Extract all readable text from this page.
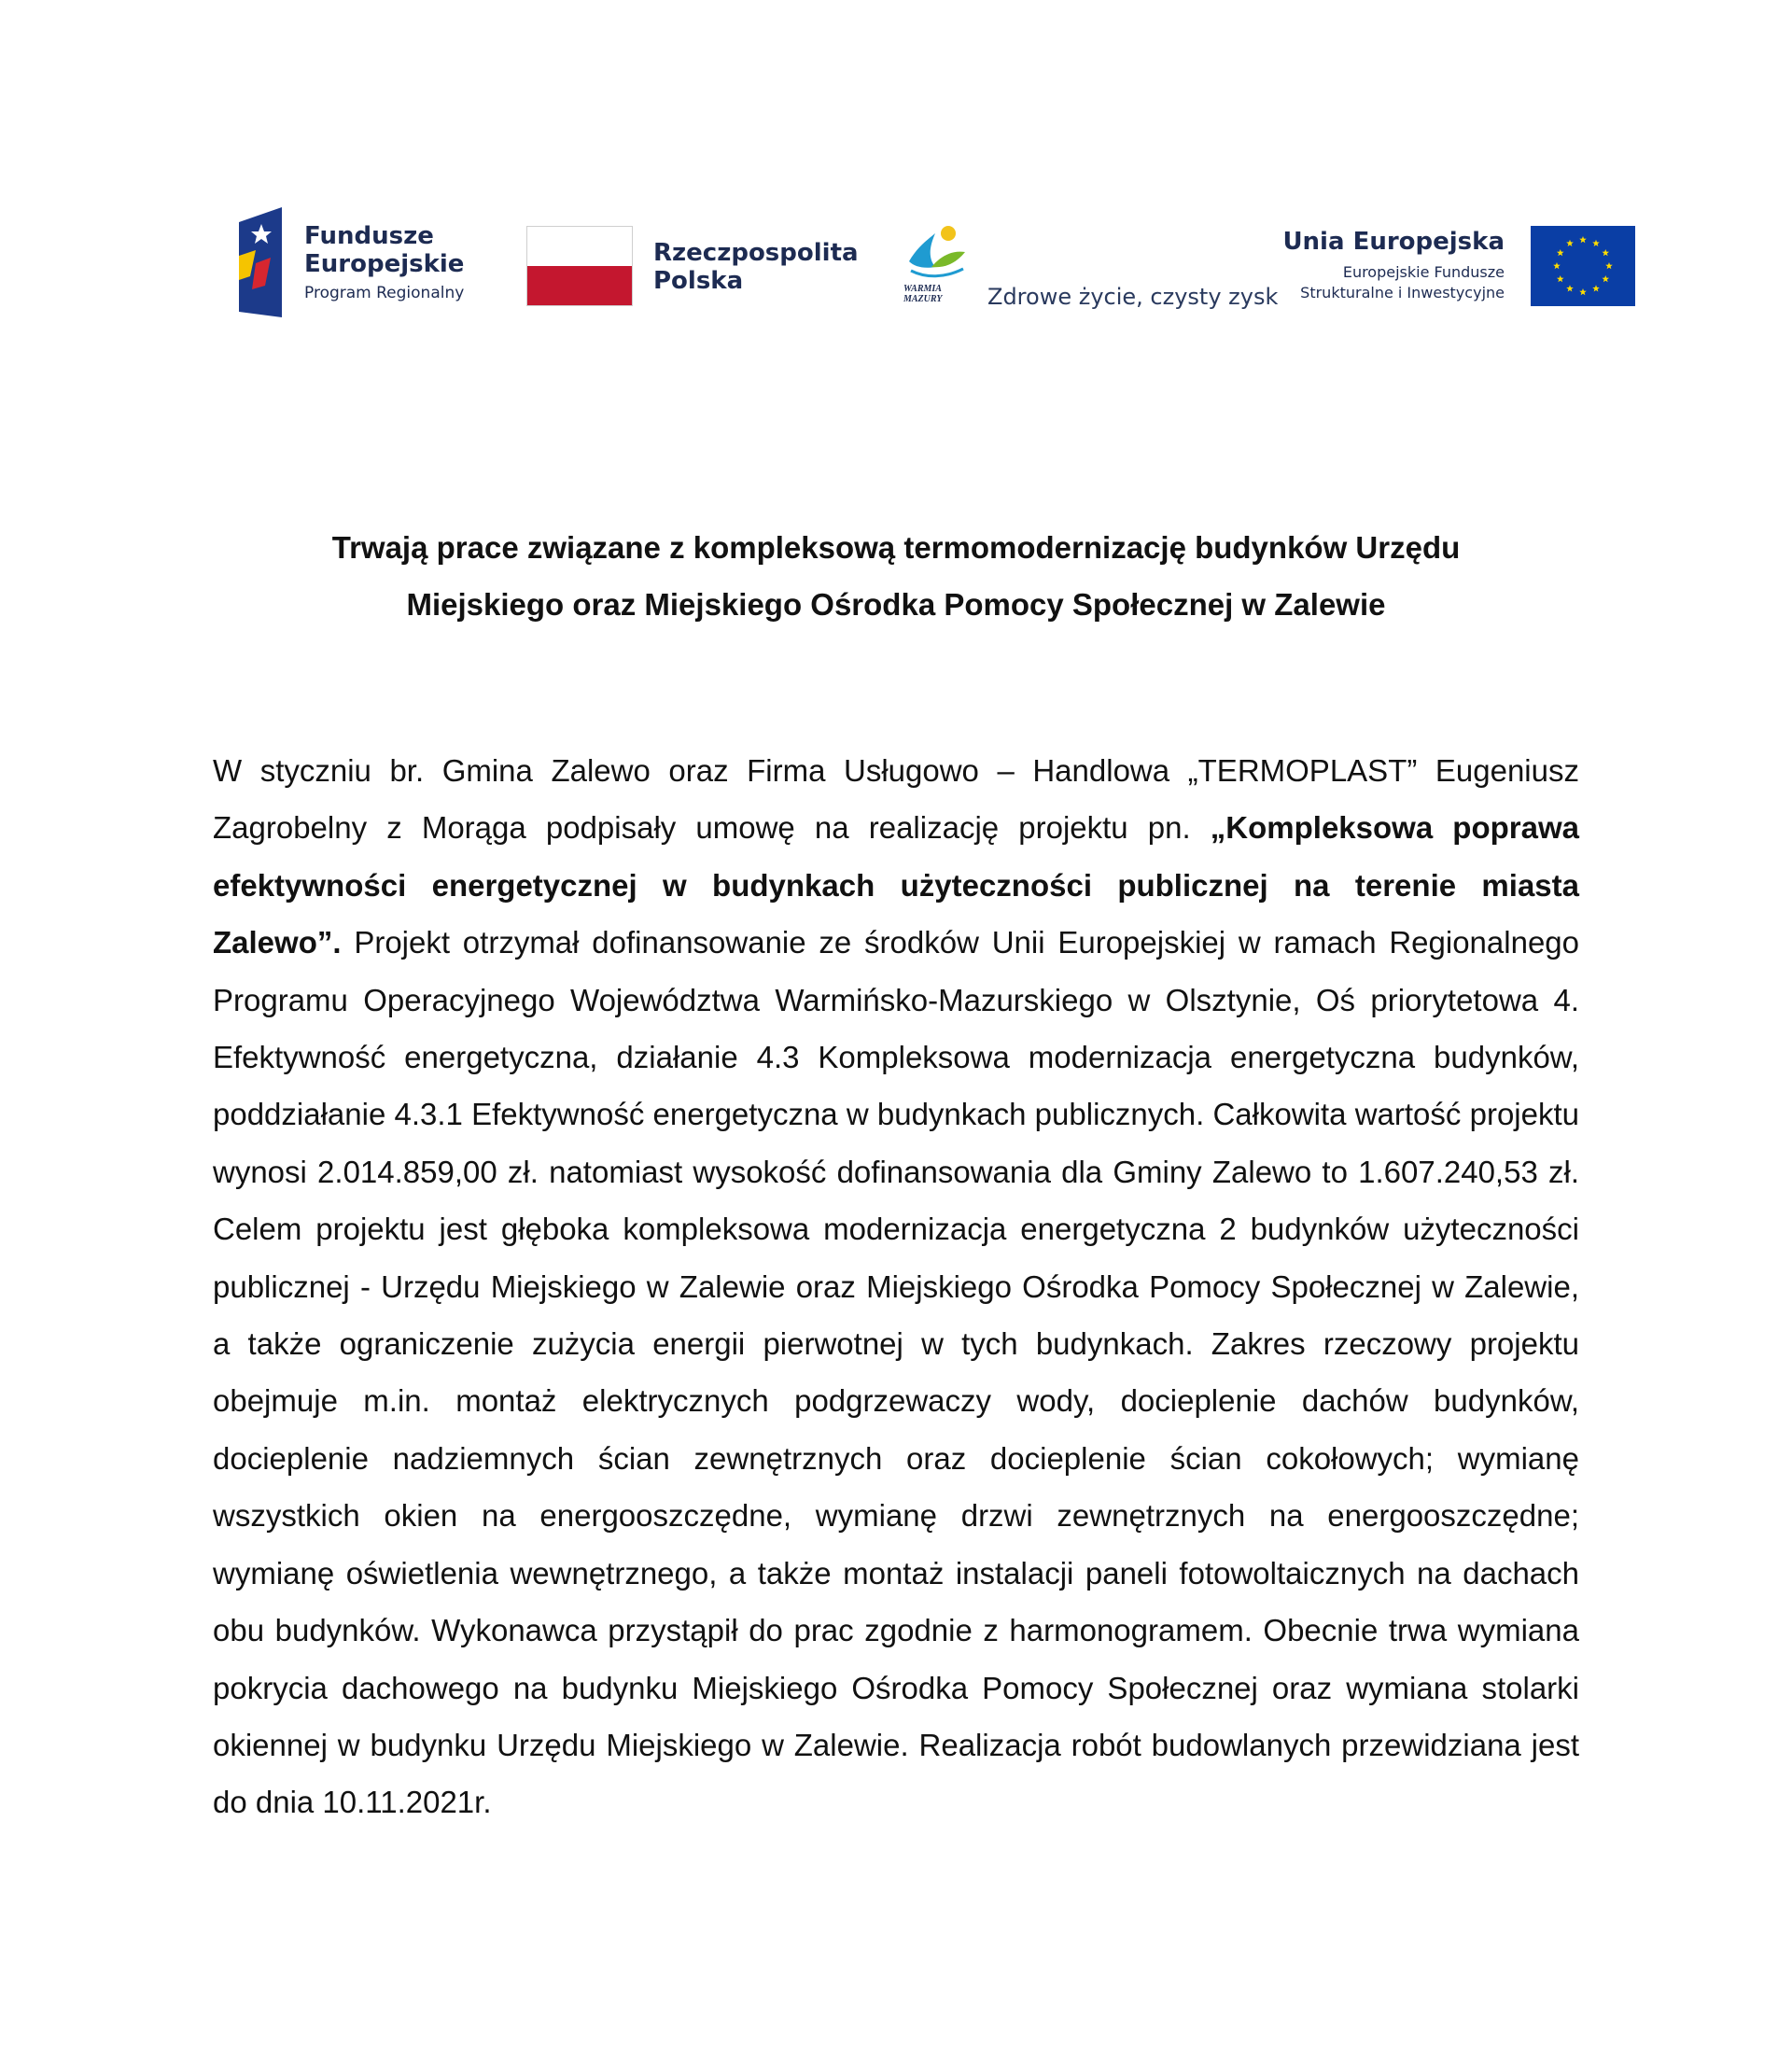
Fundusze
Europejskie
Program Regionalny
Rzeczpospolita
Polska	WARMIA
MAZURY Zdrowe życie, czysty zysk
Unia Europejska
Europejskie Fundusze
Strukturalne i Inwestycyjne
Trwają prace związane z kompleksową termomodernizację budynków Urzędu
Miejskiego oraz Miejskiego Ośrodka Pomocy Społecznej w Zalewie

W styczniu br. Gmina Zalewo oraz Firma Usługowo – Handlowa „TERMOPLAST” Eugeniusz Zagrobelny z Morąga podpisały umowę na realizację projektu pn. „Kompleksowa poprawa efektywności energetycznej w budynkach użyteczności publicznej na terenie miasta Zalewo”. Projekt otrzymał dofinansowanie ze środków Unii Europejskiej w ramach Regionalnego Programu Operacyjnego Województwa Warmińsko-Mazurskiego w Olsztynie, Oś priorytetowa 4. Efektywność energetyczna, działanie 4.3 Kompleksowa modernizacja energetyczna budynków, poddziałanie 4.3.1 Efektywność energetyczna w budynkach publicznych. Całkowita wartość projektu wynosi 2.014.859,00 zł. natomiast wysokość dofinansowania dla Gminy Zalewo to 1.607.240,53 zł. Celem projektu jest głęboka kompleksowa modernizacja energetyczna 2 budynków użyteczności publicznej - Urzędu Miejskiego w Zalewie oraz Miejskiego Ośrodka Pomocy Społecznej w Zalewie, a także ograniczenie zużycia energii pierwotnej w tych budynkach. Zakres rzeczowy projektu obejmuje m.in. montaż elektrycznych podgrzewaczy wody, docieplenie dachów budynków, docieplenie nadziemnych ścian zewnętrznych oraz docieplenie ścian cokołowych; wymianę wszystkich okien na energooszczędne, wymianę drzwi zewnętrznych na energooszczędne; wymianę oświetlenia wewnętrznego, a także montaż instalacji paneli fotowoltaicznych na dachach obu budynków. Wykonawca przystąpił do prac zgodnie z harmonogramem. Obecnie trwa wymiana pokrycia dachowego na budynku Miejskiego Ośrodka Pomocy Społecznej oraz wymiana stolarki okiennej w budynku Urzędu Miejskiego w Zalewie. Realizacja robót budowlanych przewidziana jest do dnia 10.11.2021r.
